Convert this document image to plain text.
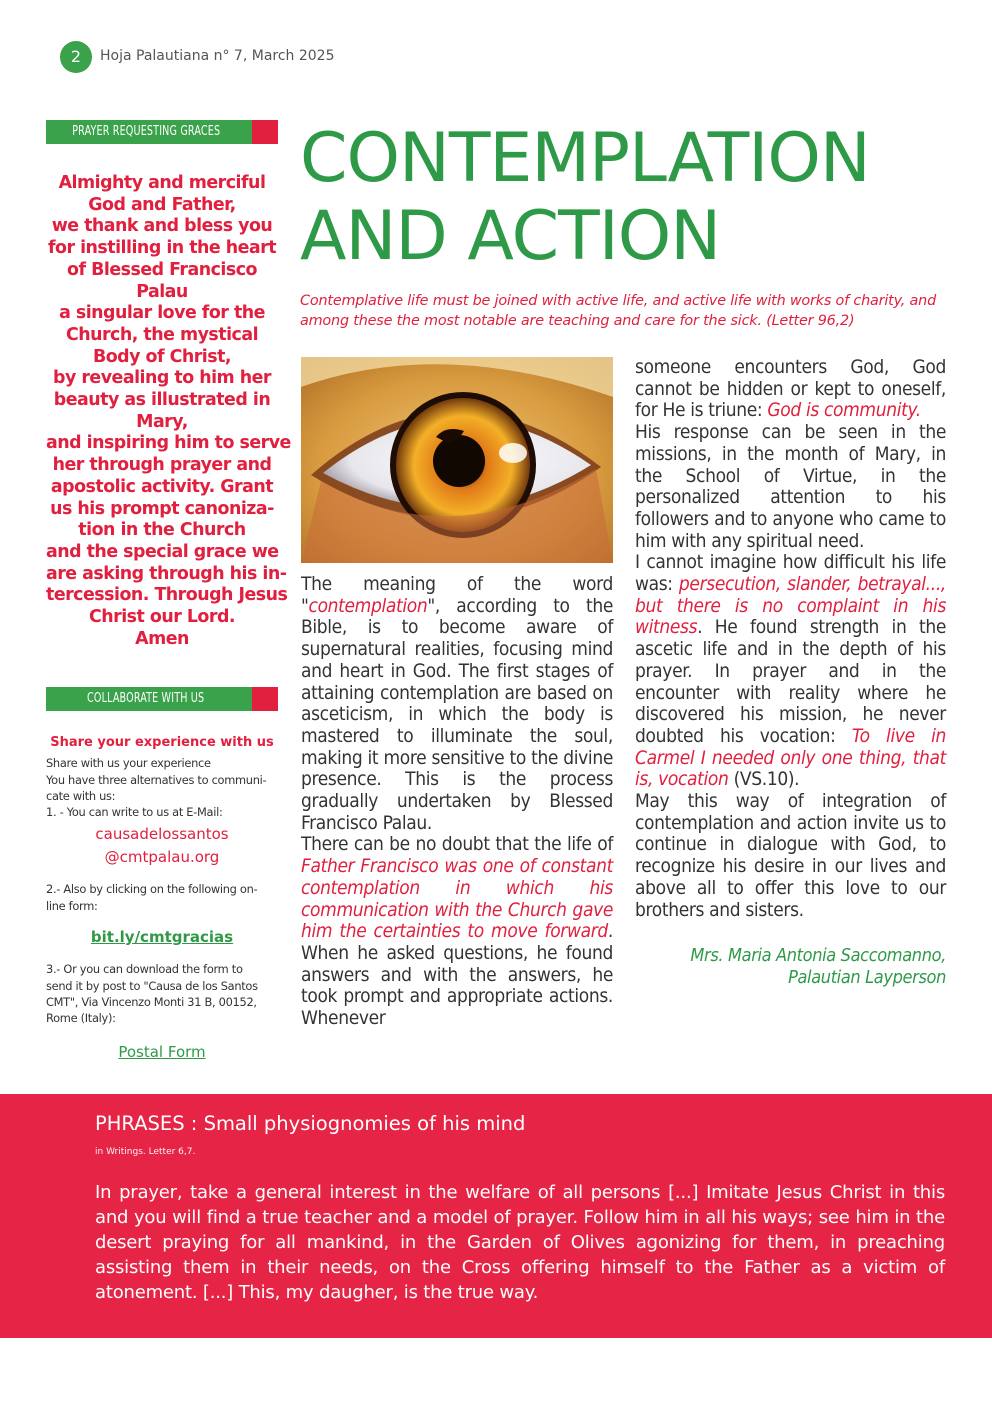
2	Hoja Palautiana n° 7, March 2025
PRAYER REQUESTING GRACES
Almighty and merciful
God and Father,
we thank and bless you
for instilling in the heart
of Blessed Francisco
Palau
a singular love for the
Church, the mystical
Body of Christ,
by revealing to him her
beauty as illustrated in
Mary,
and inspiring him to serve
her through prayer and
apostolic activity. Grant
us his prompt canoniza-
tion in the Church
and the special grace we
are asking through his in-
tercession. Through Jesus
Christ our Lord.
Amen
COLLABORATE WITH US
Share your experience with us
Share with us your experience
You have three alternatives to communi-
cate with us:
1. - You can write to us at E-Mail:
causadelossantos
@cmtpalau.org
2.- Also by clicking on the following on-
line form:
bit.ly/cmtgracias
3.- Or you can download the form to
send it by post to "Causa de los Santos
CMT", Via Vincenzo Monti 31 B, 00152,
Rome (Italy):
Postal Form
CONTEMPLATION
AND ACTION
Contemplative life must be joined with active life, and active life with works of charity, and among these the most notable are teaching and care for the sick. (Letter 96,2)

The meaning of the word "contemplation", according to the Bible, is to become aware of supernatural realities, focusing mind and heart in God. The first stages of attaining contemplation are based on asceticism, in which the body is mastered to illuminate the soul, making it more sensitive to the divine presence. This is the process gradually undertaken by Blessed Francisco Palau.

There can be no doubt that the life of Father Francisco was one of constant contemplation in which his communication with the Church gave him the certainties to move forward. When he asked questions, he found answers and with the answers, he took prompt and appropriate actions. Whenever

someone encounters God, God cannot be hidden or kept to oneself, for He is triune: God is community.

His response can be seen in the missions, in the month of Mary, in the School of Virtue, in the personalized attention to his followers and to anyone who came to him with any spiritual need.

I cannot imagine how difficult his life was: persecution, slander, betrayal..., but there is no complaint in his witness. He found strength in the ascetic life and in the depth of his prayer. In prayer and in the encounter with reality where he discovered his mission, he never doubted his vocation: To live in Carmel I needed only one thing, that is, vocation (VS.10).

May this way of integration of contemplation and action invite us to continue in dialogue with God, to recognize his desire in our lives and above all to offer this love to our brothers and sisters.

Mrs. Maria Antonia Saccomanno,
Palautian Layperson
PHRASES : Small physiognomies of his mind
in Writings. Letter 6,7.
In prayer, take a general interest in the welfare of all persons [...] Imitate Jesus Christ in this and you will find a true teacher and a model of prayer. Follow him in all his ways; see him in the desert praying for all mankind, in the Garden of Olives agonizing for them, in preaching assisting them in their needs, on the Cross offering himself to the Father as a victim of atonement. [...] This, my daugher, is the true way.
